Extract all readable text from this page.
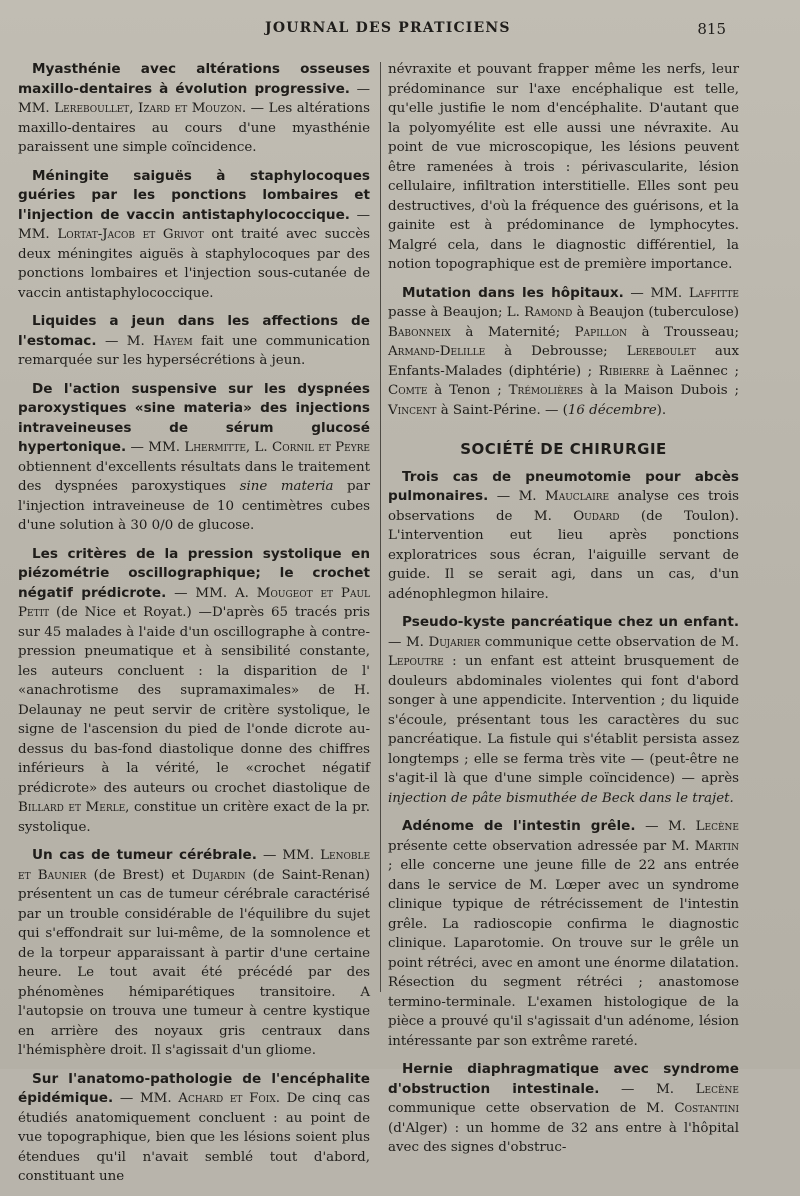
JOURNAL DES PRATICIENS	815

Myasthénie avec altérations osseuses maxillo-dentaires à évolution progressive. — MM. Lereboullet, Izard et Mouzon. — Les altérations maxillo-dentaires au cours d'une myasthénie paraissent une simple coïncidence.

Méningite saiguës à staphylocoques guéries par les ponctions lombaires et l'injection de vaccin antistaphylococcique. — MM. Lortat-Jacob et Grivot ont traité avec succès deux méningites aiguës à staphylocoques par des ponctions lombaires et l'injection sous-cutanée de vaccin antistaphylococcique.

Liquides a jeun dans les affections de l'estomac. — M. Hayem fait une communication remarquée sur les hypersécrétions à jeun.

De l'action suspensive sur les dyspnées paroxystiques «sine materia» des injections intraveineuses de sérum glucosé hypertonique. — MM. Lhermitte, L. Cornil et Peyre obtiennent d'excellents résultats dans le traitement des dyspnées paroxystiques sine materia par l'injection intraveineuse de 10 centimètres cubes d'une solution à 30 0/0 de glucose.

Les critères de la pression systolique en piézométrie oscillographique; le crochet négatif prédicrote. — MM. A. Mougeot et Paul Petit (de Nice et Royat.) —D'après 65 tracés pris sur 45 malades à l'aide d'un oscillographe à contre-pression pneumatique et à sensibilité constante, les auteurs concluent : la disparition de l' «anachrotisme des supramaximales» de H. Delaunay ne peut servir de critère systolique, le signe de l'ascension du pied de l'onde dicrote au-dessus du bas-fond diastolique donne des chiffres inférieurs à la vérité, le «crochet négatif prédicrote» des auteurs ou crochet diastolique de Billard et Merle, constitue un critère exact de la pr. systolique.

Un cas de tumeur cérébrale. — MM. Lenoble et Baunier (de Brest) et Dujardin (de Saint-Renan) présentent un cas de tumeur cérébrale caractérisé par un trouble considérable de l'équilibre du sujet qui s'effondrait sur lui-même, de la somnolence et de la torpeur apparaissant à partir d'une certaine heure. Le tout avait été précédé par des phénomènes hémiparétiques transitoire. A l'autopsie on trouva une tumeur à centre kystique en arrière des noyaux gris centraux dans l'hémisphère droit. Il s'agissait d'un gliome.

Sur l'anatomo-pathologie de l'encéphalite épidémique. — MM. Achard et Foix. De cinq cas étudiés anatomiquement concluent : au point de vue topographique, bien que les lésions soient plus étendues qu'il n'avait semblé tout d'abord, constituant une

névraxite et pouvant frapper même les nerfs, leur prédominance sur l'axe encéphalique est telle, qu'elle justifie le nom d'encéphalite. D'autant que la polyomyélite est elle aussi une névraxite. Au point de vue microscopique, les lésions peuvent être ramenées à trois : périvascularite, lésion cellulaire, infiltration interstitielle. Elles sont peu destructives, d'où la fréquence des guérisons, et la gainite est à prédominance de lymphocytes. Malgré cela, dans le diagnostic différentiel, la notion topographique est de première importance.

Mutation dans les hôpitaux. — MM. Laffitte passe à Beaujon; L. Ramond à Beaujon (tuberculose) Babonneix à Maternité; Papillon à Trousseau; Armand-Delille à Debrousse; Lereboulet aux Enfants-Malades (diphtérie) ; Ribierre à Laënnec ; Comte à Tenon ; Trémolières à la Maison Dubois ; Vincent à Saint-Périne. — (16 décembre).

SOCIÉTÉ DE CHIRURGIE

Trois cas de pneumotomie pour abcès pulmonaires. — M. Mauclaire analyse ces trois observations de M. Oudard (de Toulon). L'intervention eut lieu après ponctions exploratrices sous écran, l'aiguille servant de guide. Il se serait agi, dans un cas, d'un adénophlegmon hilaire.

Pseudo-kyste pancréatique chez un enfant. — M. Dujarier communique cette observation de M. Lepoutre : un enfant est atteint brusquement de douleurs abdominales violentes qui font d'abord songer à une appendicite. Intervention ; du liquide s'écoule, présentant tous les caractères du suc pancréatique. La fistule qui s'établit persista assez longtemps ; elle se ferma très vite — (peut-être ne s'agit-il là que d'une simple coïncidence) — après injection de pâte bismuthée de Beck dans le trajet.

Adénome de l'intestin grêle. — M. Lecène présente cette observation adressée par M. Martin ; elle concerne une jeune fille de 22 ans entrée dans le service de M. Lœper avec un syndrome clinique typique de rétrécissement de l'intestin grêle. La radioscopie confirma le diagnostic clinique. Laparotomie. On trouve sur le grêle un point rétréci, avec en amont une énorme dilatation. Résection du segment rétréci ; anastomose termino-terminale. L'examen histologique de la pièce a prouvé qu'il s'agissait d'un adénome, lésion intéressante par son extrême rareté.

Hernie diaphragmatique avec syndrome d'obstruction intestinale. — M. Lecène communique cette observation de M. Costantini (d'Alger) : un homme de 32 ans entre à l'hôpital avec des signes d'obstruc-
